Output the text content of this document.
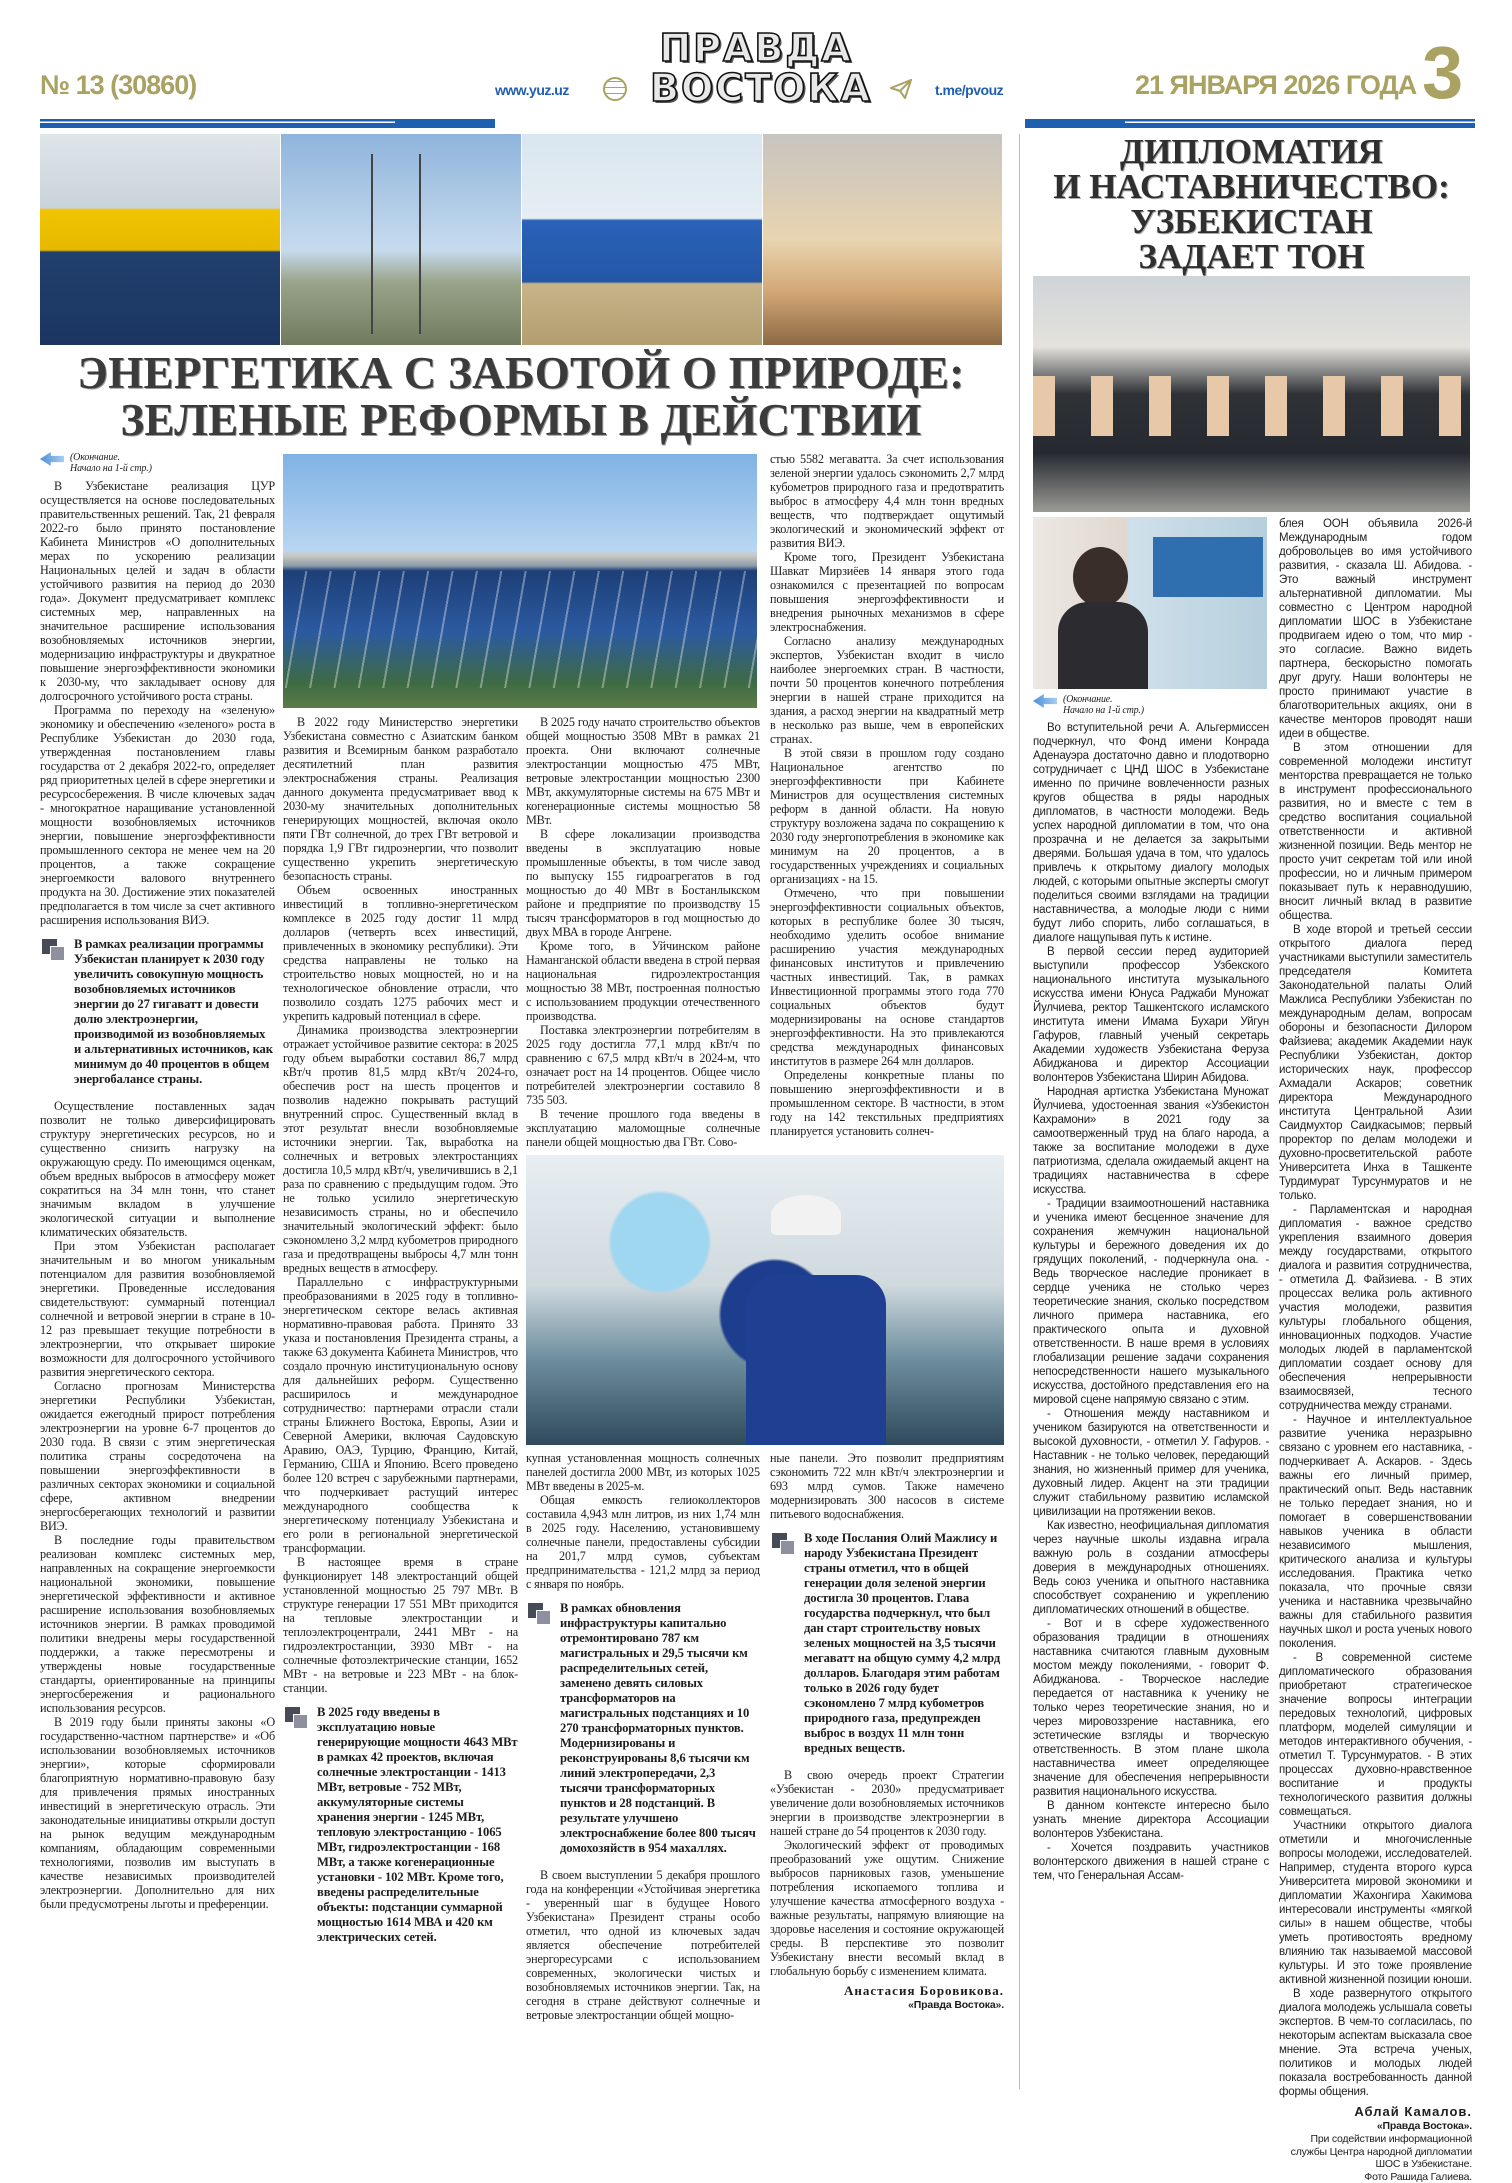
№ 13 (30860)	www.yuz.uz
ПРАВДА
ВОСТОКА	t.me/pvouz	21 ЯНВАРЯ 2026 ГОДА 3
ЭНЕРГЕТИКА С ЗАБОТОЙ О ПРИРОДЕ:
ЗЕЛЕНЫЕ РЕФОРМЫ В ДЕЙСТВИИ
(Окончание.
Начало на 1-й стр.)

В Узбекистане реализация ЦУР осуществляется на основе последовательных правительственных решений. Так, 21 февраля 2022-го было принято постановление Кабинета Министров «О дополнительных мерах по ускорению реализации Национальных целей и задач в области устойчивого развития на период до 2030 года». Документ предусматривает комплекс системных мер, направленных на значительное расширение использования возобновляемых источников энергии, модернизацию инфраструктуры и двукратное повышение энергоэффективности экономики к 2030-му, что закладывает основу для долгосрочного устойчивого роста страны.

Программа по переходу на «зеленую» экономику и обеспечению «зеленого» роста в Республике Узбекистан до 2030 года, утвержденная постановлением главы государства от 2 декабря 2022-го, определяет ряд приоритетных целей в сфере энергетики и ресурсосбережения. В числе ключевых задач - многократное наращивание установленной мощности возобновляемых источников энергии, повышение энергоэффективности промышленного сектора не менее чем на 20 процентов, а также сокращение энергоемкости валового внутреннего продукта на 30. Достижение этих показателей предполагается в том числе за счет активного расширения использования ВИЭ.

В рамках реализации программы Узбекистан планирует к 2030 году увеличить совокупную мощность возобновляемых источников энергии до 27 гигаватт и довести долю электроэнергии, производимой из возобновляемых и альтернативных источников, как минимум до 40 процентов в общем энергобалансе страны.

Осуществление поставленных задач позволит не только диверсифицировать структуру энергетических ресурсов, но и существенно снизить нагрузку на окружающую среду. По имеющимся оценкам, объем вредных выбросов в атмосферу может сократиться на 34 млн тонн, что станет значимым вкладом в улучшение экологической ситуации и выполнение климатических обязательств.

При этом Узбекистан располагает значительным и во многом уникальным потенциалом для развития возобновляемой энергетики. Проведенные исследования свидетельствуют: суммарный потенциал солнечной и ветровой энергии в стране в 10-12 раз превышает текущие потребности в электроэнергии, что открывает широкие возможности для долгосрочного устойчивого развития энергетического сектора.

Согласно прогнозам Министерства энергетики Республики Узбекистан, ожидается ежегодный прирост потребления электроэнергии на уровне 6-7 процентов до 2030 года. В связи с этим энергетическая политика страны сосредоточена на повышении энергоэффективности в различных секторах экономики и социальной сфере, активном внедрении энергосберегающих технологий и развитии ВИЭ.

В последние годы правительством реализован комплекс системных мер, направленных на сокращение энергоемкости национальной экономики, повышение энергетической эффективности и активное расширение использования возобновляемых источников энергии. В рамках проводимой политики внедрены меры государственной поддержки, а также пересмотрены и утверждены новые государственные стандарты, ориентированные на принципы энергосбережения и рационального использования ресурсов.

В 2019 году были приняты законы «О государственно-частном партнерстве» и «Об использовании возобновляемых источников энергии», которые сформировали благоприятную нормативно-правовую базу для привлечения прямых иностранных инвестиций в энергетическую отрасль. Эти законодательные инициативы открыли доступ на рынок ведущим международным компаниям, обладающим современными технологиями, позволив им выступать в качестве независимых производителей электроэнергии. Дополнительно для них были предусмотрены льготы и преференции.

В 2022 году Министерство энергетики Узбекистана совместно с Азиатским банком развития и Всемирным банком разработало десятилетний план развития электроснабжения страны. Реализация данного документа предусматривает ввод к 2030-му значительных дополнительных генерирующих мощностей, включая около пяти ГВт солнечной, до трех ГВт ветровой и порядка 1,9 ГВт гидроэнергии, что позволит существенно укрепить энергетическую безопасность страны.

Объем освоенных иностранных инвестиций в топливно-энергетическом комплексе в 2025 году достиг 11 млрд долларов (четверть всех инвестиций, привлеченных в экономику республики). Эти средства направлены не только на строительство новых мощностей, но и на технологическое обновление отрасли, что позволило создать 1275 рабочих мест и укрепить кадровый потенциал в сфере.

Динамика производства электроэнергии отражает устойчивое развитие сектора: в 2025 году объем выработки составил 86,7 млрд кВт/ч против 81,5 млрд кВт/ч 2024-го, обеспечив рост на шесть процентов и позволив надежно покрывать растущий внутренний спрос. Существенный вклад в этот результат внесли возобновляемые источники энергии. Так, выработка на солнечных и ветровых электростанциях достигла 10,5 млрд кВт/ч, увеличившись в 2,1 раза по сравнению с предыдущим годом. Это не только усилило энергетическую независимость страны, но и обеспечило значительный экологический эффект: было сэкономлено 3,2 млрд кубометров природного газа и предотвращены выбросы 4,7 млн тонн вредных веществ в атмосферу.

Параллельно с инфраструктурными преобразованиями в 2025 году в топливно-энергетическом секторе велась активная нормативно-правовая работа. Принято 33 указа и постановления Президента страны, а также 63 документа Кабинета Министров, что создало прочную институциональную основу для дальнейших реформ. Существенно расширилось и международное сотрудничество: партнерами отрасли стали страны Ближнего Востока, Европы, Азии и Северной Америки, включая Саудовскую Аравию, ОАЭ, Турцию, Францию, Китай, Германию, США и Японию. Всего проведено более 120 встреч с зарубежными партнерами, что подчеркивает растущий интерес международного сообщества к энергетическому потенциалу Узбекистана и его роли в региональной энергетической трансформации.

В настоящее время в стране функционирует 148 электростанций общей установленной мощностью 25 797 МВт. В структуре генерации 17 551 МВт приходится на тепловые электростанции и теплоэлектроцентрали, 2441 МВт - на гидроэлектростанции, 3930 МВт - на солнечные фотоэлектрические станции, 1652 МВт - на ветровые и 223 МВт - на блок-станции.

В 2025 году введены в эксплуатацию новые генерирующие мощности 4643 МВт в рамках 42 проектов, включая солнечные электростанции - 1413 МВт, ветровые - 752 МВт, аккумуляторные системы хранения энергии - 1245 МВт, тепловую электростанцию - 1065 МВт, гидроэлектростанции - 168 МВт, а также когенерационные установки - 102 МВт. Кроме того, введены распределительные объекты: подстанции суммарной мощностью 1614 МВА и 420 км электрических сетей.

В 2025 году начато строительство объектов общей мощностью 3508 МВт в рамках 21 проекта. Они включают солнечные электростанции мощностью 475 МВт, ветровые электростанции мощностью 2300 МВт, аккумуляторные системы на 675 МВт и когенерационные системы мощностью 58 МВт.

В сфере локализации производства введены в эксплуатацию новые промышленные объекты, в том числе завод по выпуску 155 гидроагрегатов в год мощностью до 40 МВт в Бостанлыкском районе и предприятие по производству 15 тысяч трансформаторов в год мощностью до двух МВА в городе Ангрене.

Кроме того, в Уйчинском районе Наманганской области введена в строй первая национальная гидроэлектростанция мощностью 38 МВт, построенная полностью с использованием продукции отечественного производства.

Поставка электроэнергии потребителям в 2025 году достигла 77,1 млрд кВт/ч по сравнению с 67,5 млрд кВт/ч в 2024-м, что означает рост на 14 процентов. Общее число потребителей электроэнергии составило 8 735 503.

В течение прошлого года введены в эксплуатацию маломощные солнечные панели общей мощностью два ГВт. Сово-

стью 5582 мегаватта. За счет использования зеленой энергии удалось сэкономить 2,7 млрд кубометров природного газа и предотвратить выброс в атмосферу 4,4 млн тонн вредных веществ, что подтверждает ощутимый экологический и экономический эффект от развития ВИЭ.

Кроме того, Президент Узбекистана Шавкат Мирзиёев 14 января этого года ознакомился с презентацией по вопросам повышения энергоэффективности и внедрения рыночных механизмов в сфере электроснабжения.

Согласно анализу международных экспертов, Узбекистан входит в число наиболее энергоемких стран. В частности, почти 50 процентов конечного потребления энергии в нашей стране приходится на здания, а расход энергии на квадратный метр в несколько раз выше, чем в европейских странах.

В этой связи в прошлом году создано Национальное агентство по энергоэффективности при Кабинете Министров для осуществления системных реформ в данной области. На новую структуру возложена задача по сокращению к 2030 году энергопотребления в экономике как минимум на 20 процентов, а в государственных учреждениях и социальных организациях - на 15.

Отмечено, что при повышении энергоэффективности социальных объектов, которых в республике более 30 тысяч, необходимо уделить особое внимание расширению участия международных финансовых институтов и привлечению частных инвестиций. Так, в рамках Инвестиционной программы этого года 770 социальных объектов будут модернизированы на основе стандартов энергоэффективности. На это привлекаются средства международных финансовых институтов в размере 264 млн долларов.

Определены конкретные планы по повышению энергоэффективности и в промышленном секторе. В частности, в этом году на 142 текстильных предприятиях планируется установить солнеч-

купная установленная мощность солнечных панелей достигла 2000 МВт, из которых 1025 МВт введены в 2025-м.

Общая емкость гелиоколлекторов составила 4,943 млн литров, из них 1,74 млн в 2025 году. Населению, установившему солнечные панели, предоставлены субсидии на 201,7 млрд сумов, субъектам предпринимательства - 121,2 млрд за период с января по ноябрь.

В рамках обновления инфраструктуры капитально отремонтировано 787 км магистральных и 29,5 тысячи км распределительных сетей, заменено девять силовых трансформаторов на магистральных подстанциях и 10 270 трансформаторных пунктов. Модернизированы и реконструированы 8,6 тысячи км линий электропередачи, 2,3 тысячи трансформаторных пунктов и 28 подстанций. В результате улучшено электроснабжение более 800 тысяч домохозяйств в 954 махаллях.

В своем выступлении 5 декабря прошлого года на конференции «Устойчивая энергетика - уверенный шаг в будущее Нового Узбекистана» Президент страны особо отметил, что одной из ключевых задач является обеспечение потребителей энергоресурсами с использованием современных, экологически чистых и возобновляемых источников энергии. Так, на сегодня в стране действуют солнечные и ветровые электростанции общей мощно-

ные панели. Это позволит предприятиям сэкономить 722 млн кВт/ч электроэнергии и 693 млрд сумов. Также намечено модернизировать 300 насосов в системе питьевого водоснабжения.

В ходе Послания Олий Мажлису и народу Узбекистана Президент страны отметил, что в общей генерации доля зеленой энергии достигла 30 процентов. Глава государства подчеркнул, что был дан старт строительству новых зеленых мощностей на 3,5 тысячи мегаватт на общую сумму 4,2 млрд долларов. Благодаря этим работам только в 2026 году будет сэкономлено 7 млрд кубометров природного газа, предупрежден выброс в воздух 11 млн тонн вредных веществ.

В свою очередь проект Стратегии «Узбекистан - 2030» предусматривает увеличение доли возобновляемых источников энергии в производстве электроэнергии в нашей стране до 54 процентов к 2030 году.

Экологический эффект от проводимых преобразований уже ощутим. Снижение выбросов парниковых газов, уменьшение потребления ископаемого топлива и улучшение качества атмосферного воздуха - важные результаты, напрямую влияющие на здоровье населения и состояние окружающей среды. В перспективе это позволит Узбекистану внести весомый вклад в глобальную борьбу с изменением климата.

Анастасия Боровикова.
«Правда Востока».
ДИПЛОМАТИЯ
И НАСТАВНИЧЕСТВО:
УЗБЕКИСТАН
ЗАДАЕТ ТОН
(Окончание.
Начало на 1-й стр.)

Во вступительной речи А. Альгермиссен подчеркнул, что Фонд имени Конрада Аденауэра достаточно давно и плодотворно сотрудничает с ЦНД ШОС в Узбекистане именно по причине вовлеченности разных кругов общества в ряды народных дипломатов, в частности молодежи. Ведь успех народной дипломатии в том, что она прозрачна и не делается за закрытыми дверями. Большая удача в том, что удалось привлечь к открытому диалогу молодых людей, с которыми опытные эксперты смогут поделиться своими взглядами на традиции наставничества, а молодые люди с ними будут либо спорить, либо соглашаться, в диалоге нащупывая путь к истине.

В первой сессии перед аудиторией выступили профессор Узбекского национального института музыкального искусства имени Юнуса Раджаби Муножат Йулчиева, ректор Ташкентского исламского института имени Имама Бухари Уйгун Гафуров, главный ученый секретарь Академии художеств Узбекистана Феруза Абиджанова и директор Ассоциации волонтеров Узбекистана Ширин Абидова.

Народная артистка Узбекистана Муножат Йулчиева, удостоенная звания «Узбекистон Кахрамони» в 2021 году за самоотверженный труд на благо народа, а также за воспитание молодежи в духе патриотизма, сделала ожидаемый акцент на традициях наставничества в сфере искусства.

- Традиции взаимоотношений наставника и ученика имеют бесценное значение для сохранения жемчужин национальной культуры и бережного доведения их до грядущих поколений, - подчеркнула она. - Ведь творческое наследие проникает в сердце ученика не столько через теоретические знания, сколько посредством личного примера наставника, его практического опыта и духовной ответственности. В наше время в условиях глобализации решение задачи сохранения непосредственности нашего музыкального искусства, достойного представления его на мировой сцене напрямую связано с этим.

- Отношения между наставником и учеником базируются на ответственности и высокой духовности, - отметил У. Гафуров. - Наставник - не только человек, передающий знания, но жизненный пример для ученика, духовный лидер. Акцент на эти традиции служит стабильному развитию исламской цивилизации на протяжении веков.

Как известно, неофициальная дипломатия через научные школы издавна играла важную роль в создании атмосферы доверия в международных отношениях. Ведь союз ученика и опытного наставника способствует сохранению и укреплению дипломатических отношений в обществе.

- Вот и в сфере художественного образования традиции в отношениях наставника считаются главным духовным мостом между поколениями, - говорит Ф. Абиджанова. - Творческое наследие передается от наставника к ученику не только через теоретические знания, но и через мировоззрение наставника, его эстетические взгляды и творческую ответственность. В этом плане школа наставничества имеет определяющее значение для обеспечения непрерывности развития национального искусства.

В данном контексте интересно было узнать мнение директора Ассоциации волонтеров Узбекистана.

- Хочется поздравить участников волонтерского движения в нашей стране с тем, что Генеральная Ассам-

блея ООН объявила 2026-й Международным годом добровольцев во имя устойчивого развития, - сказала Ш. Абидова. - Это важный инструмент альтернативной дипломатии. Мы совместно с Центром народной дипломатии ШОС в Узбекистане продвигаем идею о том, что мир - это согласие. Важно видеть партнера, бескорыстно помогать друг другу. Наши волонтеры не просто принимают участие в благотворительных акциях, они в качестве менторов проводят наши идеи в обществе.

В этом отношении для современной молодежи институт менторства превращается не только в инструмент профессионального развития, но и вместе с тем в средство воспитания социальной ответственности и активной жизненной позиции. Ведь ментор не просто учит секретам той или иной профессии, но и личным примером показывает путь к неравнодушию, вносит личный вклад в развитие общества.

В ходе второй и третьей сессии открытого диалога перед участниками выступили заместитель председателя Комитета Законодательной палаты Олий Мажлиса Республики Узбекистан по международным делам, вопросам обороны и безопасности Дилором Файзиева; академик Академии наук Республики Узбекистан, доктор исторических наук, профессор Ахмадали Аскаров; советник директора Международного института Центральной Азии Саидмухтор Саидкасымов; первый проректор по делам молодежи и духовно-просветительской работе Университета Инха в Ташкенте Турдимурат Турсунмуратов и не только.

- Парламентская и народная дипломатия - важное средство укрепления взаимного доверия между государствами, открытого диалога и развития сотрудничества, - отметила Д. Файзиева. - В этих процессах велика роль активного участия молодежи, развития культуры глобального общения, инновационных подходов. Участие молодых людей в парламентской дипломатии создает основу для обеспечения непрерывности взаимосвязей, тесного сотрудничества между странами.

- Научное и интеллектуальное развитие ученика неразрывно связано с уровнем его наставника, - подчеркивает А. Аскаров. - Здесь важны его личный пример, практический опыт. Ведь наставник не только передает знания, но и помогает в совершенствовании навыков ученика в области независимого мышления, критического анализа и культуры исследования. Практика четко показала, что прочные связи ученика и наставника чрезвычайно важны для стабильного развития научных школ и роста ученых нового поколения.

- В современной системе дипломатического образования приобретают стратегическое значение вопросы интеграции передовых технологий, цифровых платформ, моделей симуляции и методов интерактивного обучения, - отметил Т. Турсунмуратов. - В этих процессах духовно-нравственное воспитание и продукты технологического развития должны совмещаться.

Участники открытого диалога отметили и многочисленные вопросы молодежи, исследователей. Например, студента второго курса Университета мировой экономики и дипломатии Жахонгира Хакимова интересовали инструменты «мягкой силы» в нашем обществе, чтобы уметь противостоять вредному влиянию так называемой массовой культуры. И это тоже проявление активной жизненной позиции юноши.

В ходе развернутого открытого диалога молодежь услышала советы экспертов. В чем-то согласилась, по некоторым аспектам высказала свое мнение. Эта встреча ученых, политиков и молодых людей показала востребованность данной формы общения.

Аблай Камалов.
«Правда Востока».
При содействии информационной
службы Центра народной дипломатии
ШОС в Узбекистане.
Фото Рашида Галиева.
